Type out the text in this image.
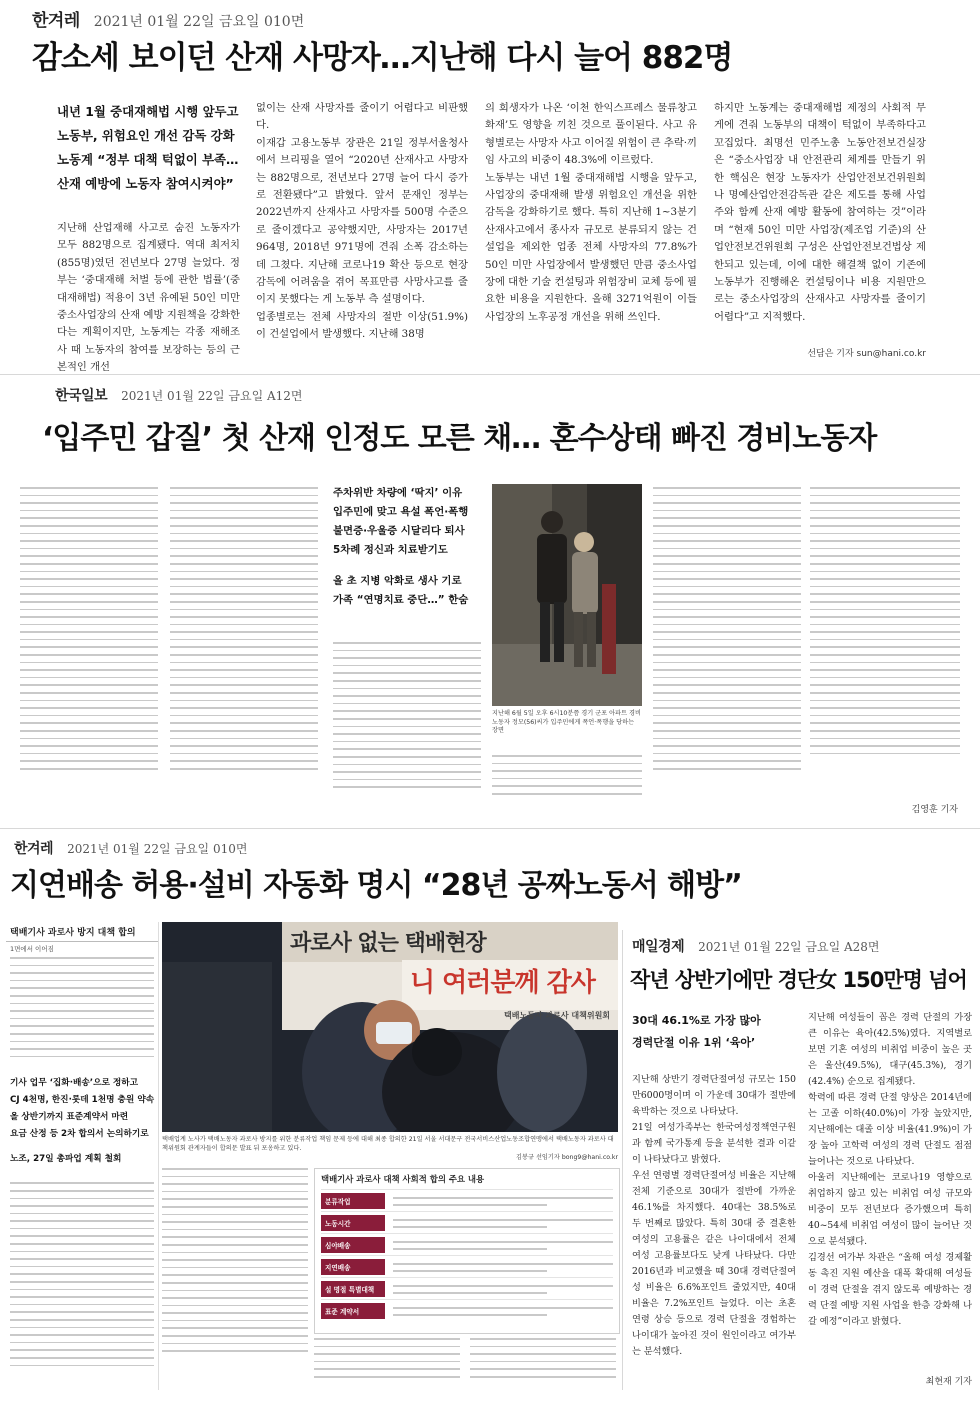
한겨레 2021년 01월 22일 금요일 010면
감소세 보이던 산재 사망자…지난해 다시 늘어 882명
내년 1월 중대재해법 시행 앞두고
노동부, 위험요인 개선 감독 강화
노동계 “정부 대책 턱없이 부족…
산재 예방에 노동자 참여시켜야”
지난해 산업재해 사고로 숨진 노동자가 모두 882명으로 집계됐다. 역대 최저치(855명)였던 전년보다 27명 늘었다. 정부는 ‘중대재해 처벌 등에 관한 법률’(중대재해법) 적용이 3년 유예된 50인 미만 중소사업장의 산재 예방 지원책을 강화한다는 계획이지만, 노동계는 각종 재해조사 때 노동자의 참여를 보장하는 등의 근본적인 개선
없이는 산재 사망자를 줄이기 어렵다고 비판했다.
이재갑 고용노동부 장관은 21일 정부서울청사에서 브리핑을 열어 “2020년 산재사고 사망자는 882명으로, 전년보다 27명 늘어 다시 증가로 전환됐다”고 밝혔다. 앞서 문재인 정부는 2022년까지 산재사고 사망자를 500명 수준으로 줄이겠다고 공약했지만, 사망자는 2017년 964명, 2018년 971명에 견줘 소폭 감소하는 데 그쳤다. 지난해 코로나19 확산 등으로 현장 감독에 어려움을 겪어 목표만큼 사망사고를 줄이지 못했다는 게 노동부 측 설명이다.
업종별로는 전체 사망자의 절반 이상(51.9%)이 건설업에서 발생했다. 지난해 38명
의 희생자가 나온 ‘이천 한익스프레스 물류창고 화재’도 영향을 끼친 것으로 풀이된다. 사고 유형별로는 사망자 사고 이어질 위험이 큰 추락·끼임 사고의 비중이 48.3%에 이르렀다.
노동부는 내년 1월 중대재해법 시행을 앞두고, 사업장의 중대재해 발생 위험요인 개선을 위한 감독을 강화하기로 했다. 특히 지난해 1~3분기 산재사고에서 종사자 규모로 분류되지 않는 건설업을 제외한 업종 전체 사망자의 77.8%가 50인 미만 사업장에서 발생했던 만큼 중소사업장에 대한 기술 컨설팅과 위험장비 교체 등에 필요한 비용을 지원한다. 올해 3271억원이 이들 사업장의 노후공정 개선을 위해 쓰인다.
하지만 노동계는 중대재해법 제정의 사회적 무게에 견줘 노동부의 대책이 턱없이 부족하다고 꼬집었다. 최명선 민주노총 노동안전보건실장은 “중소사업장 내 안전관리 체계를 만들기 위한 핵심은 현장 노동자가 산업안전보건위원회나 명예산업안전감독관 같은 제도를 통해 사업주와 함께 산재 예방 활동에 참여하는 것”이라며 “현재 50인 미만 사업장(제조업 기준)의 산업안전보건위원회 구성은 산업안전보건법상 제한되고 있는데, 이에 대한 해결책 없이 기존에 노동부가 진행해온 컨설팅이나 비용 지원만으로는 중소사업장의 산재사고 사망자를 줄이기 어렵다”고 지적했다.
선담은 기자 sun@hani.co.kr
한국일보 2021년 01월 22일 금요일 A12면
‘입주민 갑질’ 첫 산재 인정도 모른 채… 혼수상태 빠진 경비노동자
주차위반 차량에 ‘딱지’ 이유
입주민에 맞고 욕설 폭언·폭행
불면증·우울증 시달리다 퇴사
5차례 정신과 치료받기도
올 초 지병 악화로 생사 기로
가족 “연명치료 중단…” 한숨
지난해 6월 5일 오후 6시10분쯤 경기 군포 아파트 경비노동자 정모(56)씨가 입주민에게 폭언·폭행을 당하는 장면
김영훈 기자
한겨레 2021년 01월 22일 금요일 010면
지연배송 허용·설비 자동화 명시 “28년 공짜노동서 해방”
택배기사 과로사 방지 대책 합의
1면에서 이어짐
기사 업무 ‘집화·배송’으로 정하고
CJ 4천명, 한진·롯데 1천명 충원 약속
올 상반기까지 표준계약서 마련
요금 산정 등 2차 합의서 논의하기로
노조, 27일 총파업 계획 철회
과로사 없는 택배현장
니 여러분께 감사
택배노동자 과로사 대책위원회
택배업계 노사가 택배노동자 과로사 방지를 위한 분류작업 책임 문제 등에 대해 최종 합의한 21일 서울 서대문구 전국서비스산업노동조합연맹에서 택배노동자 과로사 대책위원회 관계자들이 합의문 발표 뒤 포옹하고 있다.
김봉규 선임기자 bong9@hani.co.kr
택배기사 과로사 대책 사회적 합의 주요 내용
분류작업
노동시간
심야배송
지연배송
설 명절 특별대책
표준 계약서
매일경제 2021년 01월 22일 금요일 A28면
작년 상반기에만 경단女 150만명 넘어
30대 46.1%로 가장 많아
경력단절 이유 1위 ‘육아’
지난해 상반기 경력단절여성 규모는 150만6000명이며 이 가운데 30대가 절반에 육박하는 것으로 나타났다.
21일 여성가족부는 한국여성정책연구원과 함께 국가통계 등을 분석한 결과 이같이 나타났다고 밝혔다.
우선 연령별 경력단절여성 비율은 지난해 전체 기준으로 30대가 절반에 가까운 46.1%를 차지했다. 40대는 38.5%로 두 번째로 많았다. 특히 30대 중 결혼한 여성의 고용률은 같은 나이대에서 전체 여성 고용률보다도 낮게 나타났다. 다만 2016년과 비교했을 때 30대 경력단절여성 비율은 6.6%포인트 줄었지만, 40대 비율은 7.2%포인트 늘었다. 이는 초혼 연령 상승 등으로 경력 단절을 경험하는 나이대가 높아진 것이 원인이라고 여가부는 분석했다.
지난해 여성들이 꼽은 경력 단절의 가장 큰 이유는 육아(42.5%)였다. 지역별로 보면 기혼 여성의 비취업 비중이 높은 곳은 울산(49.5%), 대구(45.3%), 경기(42.4%) 순으로 집계됐다.
학력에 따른 경력 단절 양상은 2014년에는 고졸 이하(40.0%)이 가장 높았지만, 지난해에는 대졸 이상 비율(41.9%)이 가장 높아 고학력 여성의 경력 단절도 점점 늘어나는 것으로 나타났다.
아울러 지난해에는 코로나19 영향으로 취업하지 않고 있는 비취업 여성 규모와 비중이 모두 전년보다 증가했으며 특히 40~54세 비취업 여성이 많이 늘어난 것으로 분석됐다.
김경선 여가부 차관은 “올해 여성 경제활동 촉진 지원 예산을 대폭 확대해 여성들이 경력 단절을 겪지 않도록 예방하는 경력 단절 예방 지원 사업을 한층 강화해 나갈 예정”이라고 밝혔다.
최현재 기자
